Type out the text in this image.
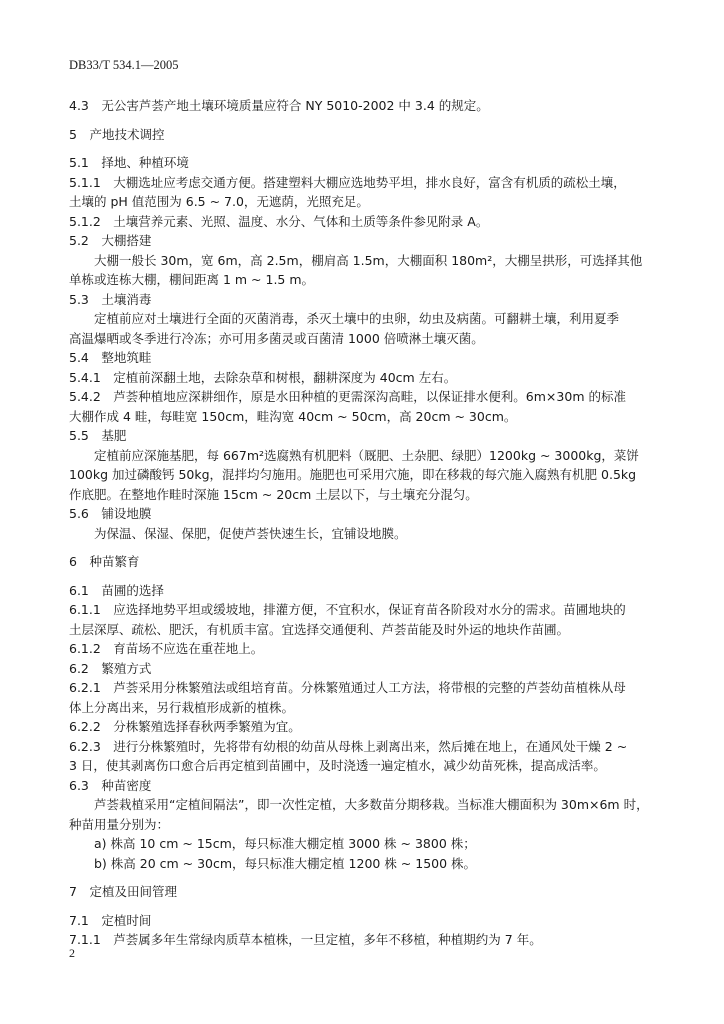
DB33/T 534.1—2005
4.3　无公害芦荟产地土壤环境质量应符合 NY 5010-2002 中 3.4 的规定。
5　产地技术调控
5.1　择地、种植环境
5.1.1　大棚选址应考虑交通方便。搭建塑料大棚应选地势平坦，排水良好，富含有机质的疏松土壤，
土壤的 pH 值范围为 6.5 ~ 7.0，无遮荫，光照充足。
5.1.2　土壤营养元素、光照、温度、水分、气体和土质等条件参见附录 A。
5.2　大棚搭建
大棚一般长 30m，宽 6m，高 2.5m，棚肩高 1.5m，大棚面积 180m²，大棚呈拱形，可选择其他
单栋或连栋大棚，棚间距离 1 m ~ 1.5 m。
5.3　土壤消毒
定植前应对土壤进行全面的灭菌消毒，杀灭土壤中的虫卵，幼虫及病菌。可翻耕土壤，利用夏季
高温爆晒或冬季进行冷冻；亦可用多菌灵或百菌清 1000 倍喷淋土壤灭菌。
5.4　整地筑畦
5.4.1　定植前深翻土地，去除杂草和树根，翻耕深度为 40cm 左右。
5.4.2　芦荟种植地应深耕细作，原是水田种植的更需深沟高畦，以保证排水便利。6m×30m 的标准
大棚作成 4 畦，每畦宽 150cm，畦沟宽 40cm ~ 50cm，高 20cm ~ 30cm。
5.5　基肥
定植前应深施基肥，每 667m²选腐熟有机肥料（厩肥、土杂肥、绿肥）1200kg ~ 3000kg，菜饼
100kg 加过磷酸钙 50kg，混拌均匀施用。施肥也可采用穴施，即在移栽的每穴施入腐熟有机肥 0.5kg
作底肥。在整地作畦时深施 15cm ~ 20cm 土层以下，与土壤充分混匀。
5.6　铺设地膜
为保温、保湿、保肥，促使芦荟快速生长，宜铺设地膜。
6　种苗繁育
6.1　苗圃的选择
6.1.1　应选择地势平坦或缓坡地，排灌方便，不宜积水，保证育苗各阶段对水分的需求。苗圃地块的
土层深厚、疏松、肥沃，有机质丰富。宜选择交通便利、芦荟苗能及时外运的地块作苗圃。
6.1.2　育苗场不应选在重茬地上。
6.2　繁殖方式
6.2.1　芦荟采用分株繁殖法或组培育苗。分株繁殖通过人工方法，将带根的完整的芦荟幼苗植株从母
体上分离出来，另行栽植形成新的植株。
6.2.2　分株繁殖选择春秋两季繁殖为宜。
6.2.3　进行分株繁殖时，先将带有幼根的幼苗从母株上剥离出来，然后摊在地上，在通风处干燥 2 ~
3 日，使其剥离伤口愈合后再定植到苗圃中，及时浇透一遍定植水，减少幼苗死株，提高成活率。
6.3　种苗密度
芦荟栽植采用“定植间隔法”，即一次性定植，大多数苗分期移栽。当标准大棚面积为 30m×6m 时，
种苗用量分别为：
a) 株高 10 cm ~ 15cm，每只标准大棚定植 3000 株 ~ 3800 株；
b) 株高 20 cm ~ 30cm，每只标准大棚定植 1200 株 ~ 1500 株。
7　定植及田间管理
7.1　定植时间
7.1.1　芦荟属多年生常绿肉质草本植株，一旦定植，多年不移植，种植期约为 7 年。
2
